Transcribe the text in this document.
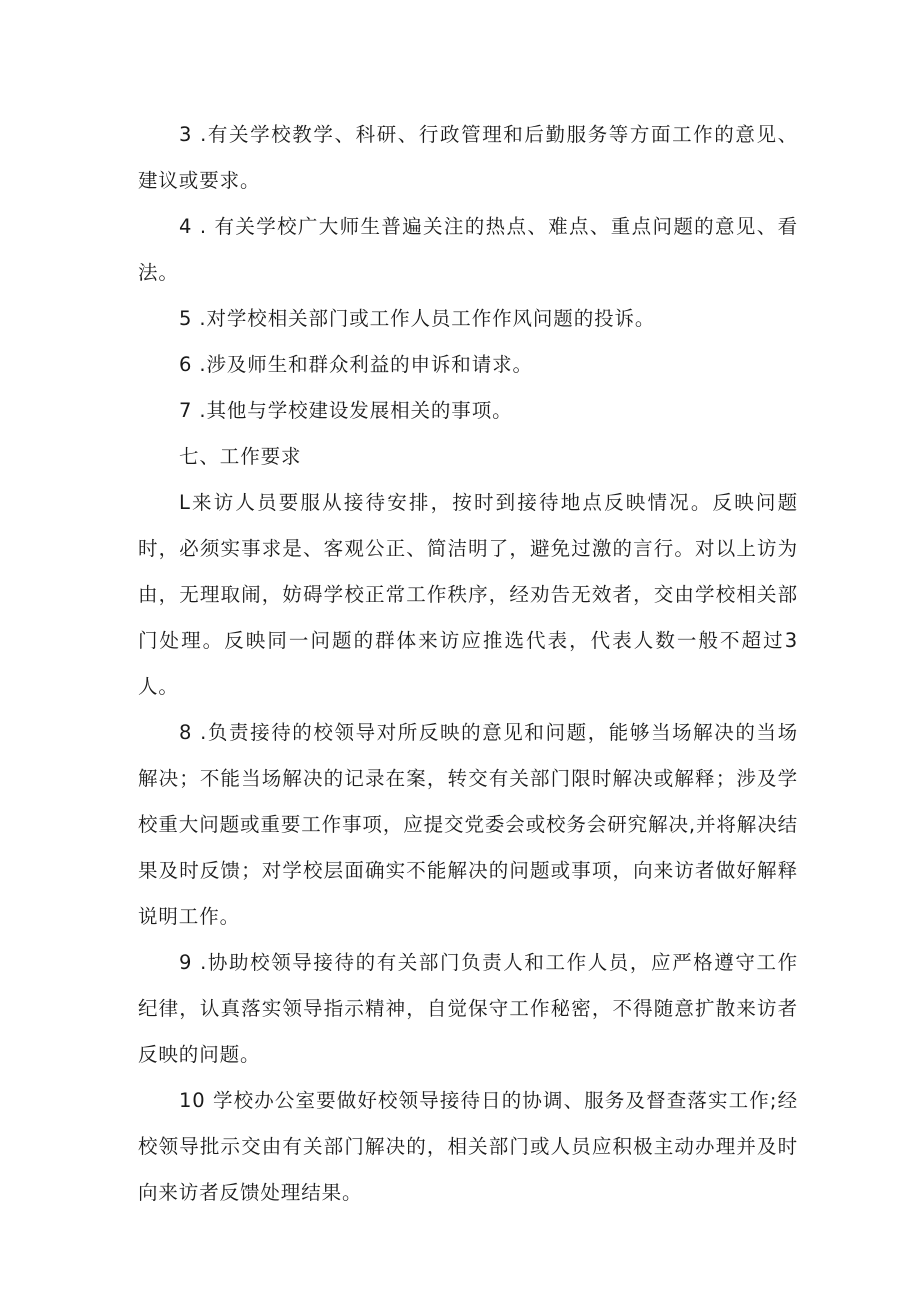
3 .有关学校教学、科研、行政管理和后勤服务等方面工作的意见、建议或要求。

4 . 有关学校广大师生普遍关注的热点、难点、重点问题的意见、看法。

5 .对学校相关部门或工作人员工作作风问题的投诉。

6 .涉及师生和群众利益的申诉和请求。

7 .其他与学校建设发展相关的事项。

七、工作要求

L来访人员要服从接待安排，按时到接待地点反映情况。反映问题时，必须实事求是、客观公正、简洁明了，避免过激的言行。对以上访为由，无理取闹，妨碍学校正常工作秩序，经劝告无效者，交由学校相关部门处理。反映同一问题的群体来访应推选代表，代表人数一般不超过3人。

8 .负责接待的校领导对所反映的意见和问题，能够当场解决的当场解决；不能当场解决的记录在案，转交有关部门限时解决或解释；涉及学校重大问题或重要工作事项，应提交党委会或校务会研究解决,并将解决结果及时反馈；对学校层面确实不能解决的问题或事项，向来访者做好解释说明工作。

9 .协助校领导接待的有关部门负责人和工作人员，应严格遵守工作纪律，认真落实领导指示精神，自觉保守工作秘密，不得随意扩散来访者反映的问题。

10 学校办公室要做好校领导接待日的协调、服务及督查落实工作;经校领导批示交由有关部门解决的，相关部门或人员应积极主动办理并及时向来访者反馈处理结果。
